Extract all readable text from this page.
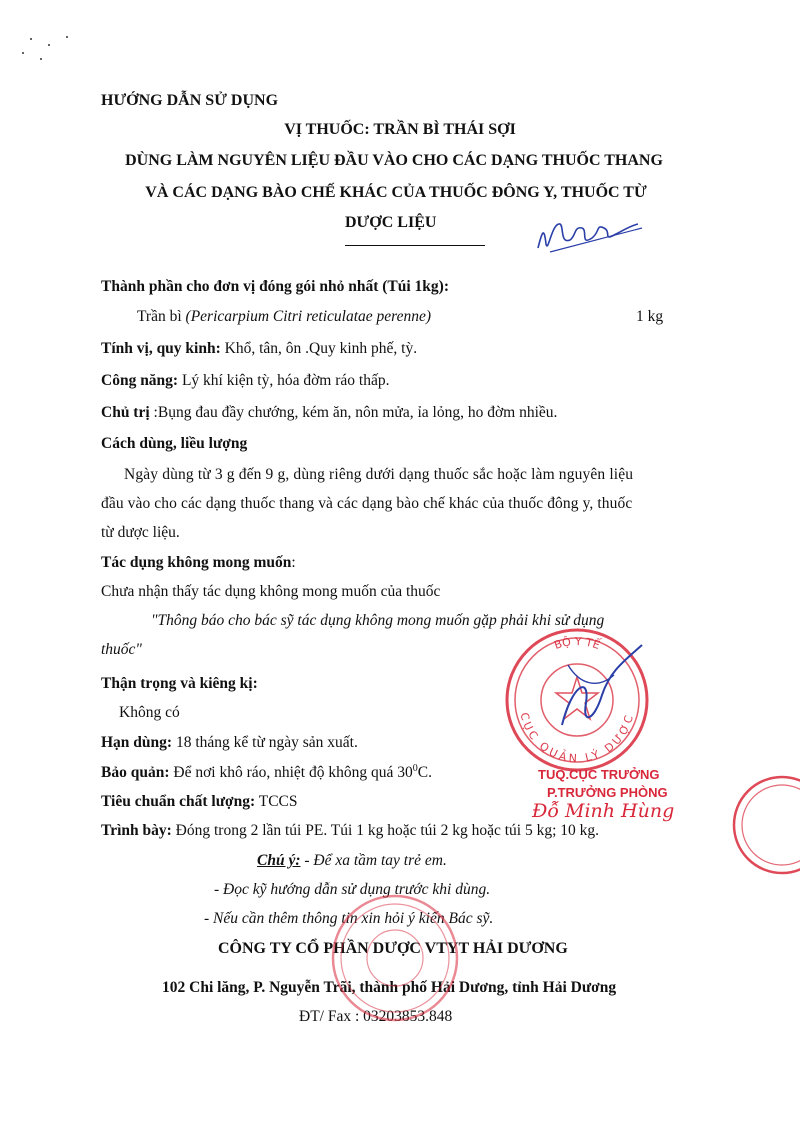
HƯỚNG DẪN SỬ DỤNG
VỊ THUỐC: TRẦN BÌ THÁI SỢI
DÙNG LÀM NGUYÊN LIỆU ĐẦU VÀO CHO CÁC DẠNG THUỐC THANG
VÀ CÁC DẠNG BÀO CHẾ KHÁC CỦA THUỐC ĐÔNG Y, THUỐC TỪ
DƯỢC LIỆU
Thành phần cho đơn vị đóng gói nhỏ nhất (Túi 1kg):
Trần bì (Pericarpium Citri reticulatae perenne)	1 kg
Tính vị, quy kinh: Khổ, tân, ôn .Quy kinh phế, tỳ.
Công năng: Lý khí kiện tỳ, hóa đờm ráo thấp.
Chủ trị :Bụng đau đầy chướng, kém ăn, nôn mửa, ỉa lỏng, ho đờm nhiều.
Cách dùng, liều lượng
Ngày dùng từ 3 g đến 9 g, dùng riêng dưới dạng thuốc sắc hoặc làm nguyên liệu
đầu vào cho các dạng thuốc thang và các dạng bào chế khác của thuốc đông y, thuốc
từ dược liệu.
Tác dụng không mong muốn:
Chưa nhận thấy tác dụng không mong muốn của thuốc
"Thông báo cho bác sỹ tác dụng không mong muốn gặp phải khi sử dụng
thuốc"
Thận trọng và kiêng kị:
Không có
Hạn dùng: 18 tháng kể từ ngày sản xuất.
Bảo quản: Để nơi khô ráo, nhiệt độ không quá $30^0C$.
Tiêu chuẩn chất lượng: TCCS
Trình bày: Đóng trong 2 lần túi PE. Túi 1 kg hoặc túi 2 kg hoặc túi 5 kg; 10 kg.
Chú ý: - Để xa tầm tay trẻ em.
- Đọc kỹ hướng dẫn sử dụng trước khi dùng.
- Nếu cần thêm thông tin xin hỏi ý kiến Bác sỹ.
CÔNG TY CỔ PHẦN DƯỢC VTYT HẢI DƯƠNG
102 Chi lăng, P. Nguyễn Trãi, thành phố Hải Dương, tỉnh Hải Dương
ĐT/ Fax : 03203853.848
BỘ Y TẾ
CỤC QUẢN LÝ DƯỢC
TUQ.CỤC TRƯỞNG
P.TRƯỞNG PHÒNG
Đỗ Minh Hùng
